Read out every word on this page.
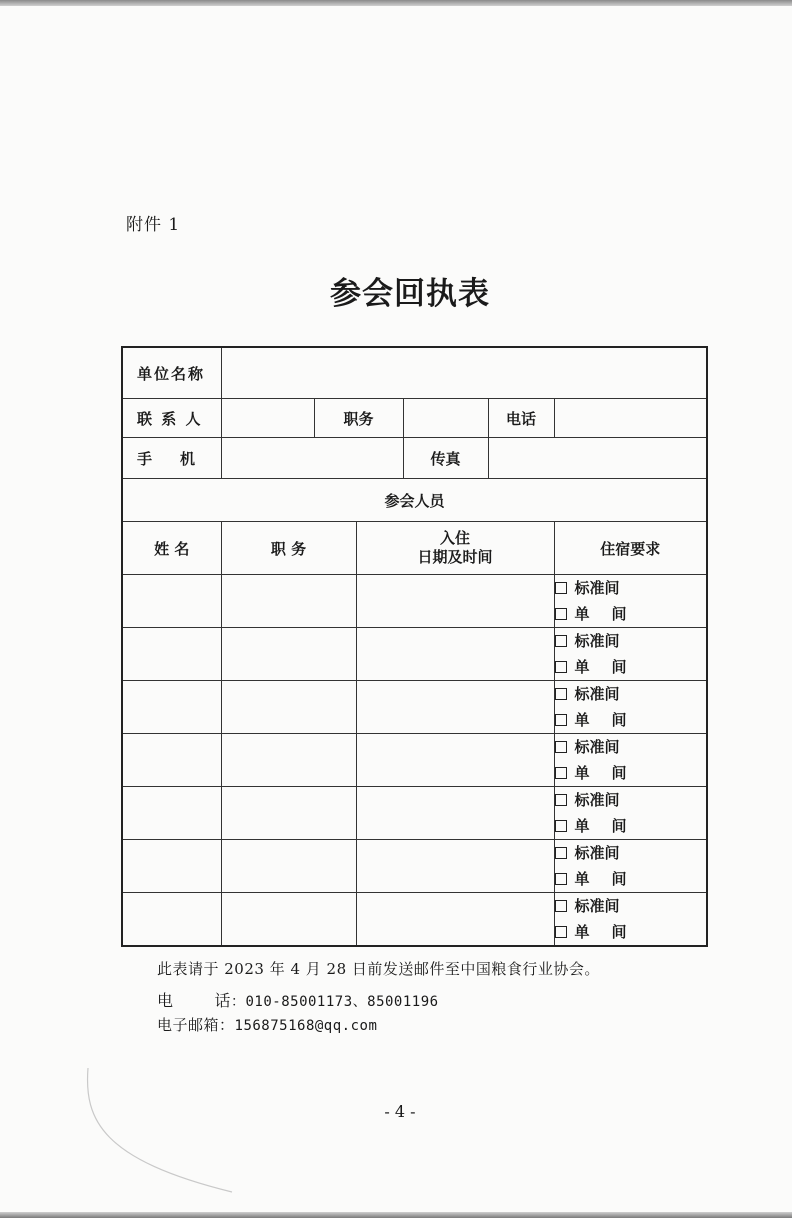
附件 1
参会回执表
单位名称						
联 系 人		职务			电话	
手 机				传真		
参会人员						
姓 名	职 务		入住
日期及时间			住宿要求

						标准间
单间

						标准间
单间

						标准间
单间

						标准间
单间

						标准间
单间

						标准间
单间

						标准间
单间
此表请于 2023 年 4 月 28 日前发送邮件至中国粮食行业协会。
电 话：010-85001173、85001196
电子邮箱：156875168@qq.com
- 4 -
